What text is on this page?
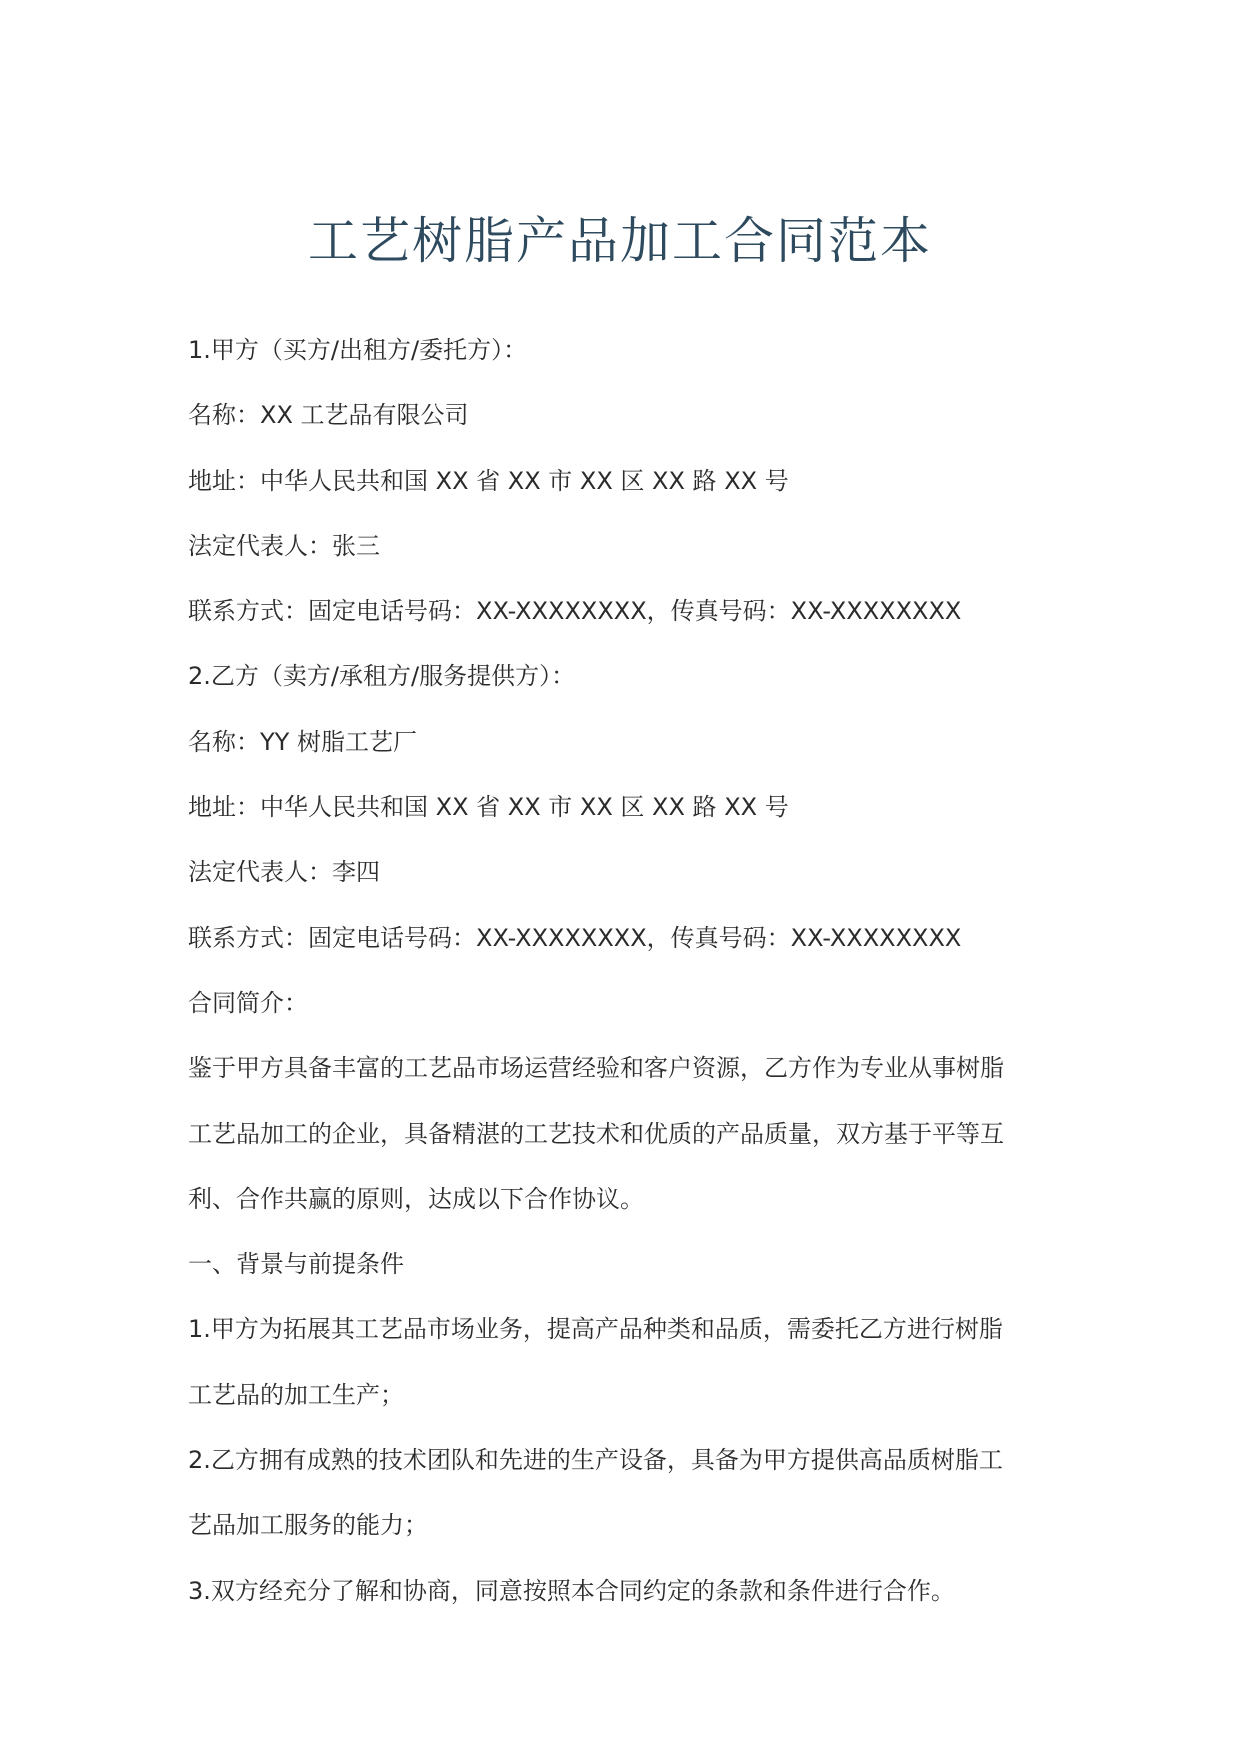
工艺树脂产品加工合同范本
1.甲方（买方/出租方/委托方）：
名称：XX 工艺品有限公司
地址：中华人民共和国 XX 省 XX 市 XX 区 XX 路 XX 号
法定代表人：张三
联系方式：固定电话号码：XX-XXXXXXXX，传真号码：XX-XXXXXXXX
2.乙方（卖方/承租方/服务提供方）：
名称：YY 树脂工艺厂
地址：中华人民共和国 XX 省 XX 市 XX 区 XX 路 XX 号
法定代表人：李四
联系方式：固定电话号码：XX-XXXXXXXX，传真号码：XX-XXXXXXXX
合同简介：
鉴于甲方具备丰富的工艺品市场运营经验和客户资源，乙方作为专业从事树脂
工艺品加工的企业，具备精湛的工艺技术和优质的产品质量，双方基于平等互
利、合作共赢的原则，达成以下合作协议。
一、背景与前提条件
1.甲方为拓展其工艺品市场业务，提高产品种类和品质，需委托乙方进行树脂
工艺品的加工生产；
2.乙方拥有成熟的技术团队和先进的生产设备，具备为甲方提供高品质树脂工
艺品加工服务的能力；
3.双方经充分了解和协商，同意按照本合同约定的条款和条件进行合作。
